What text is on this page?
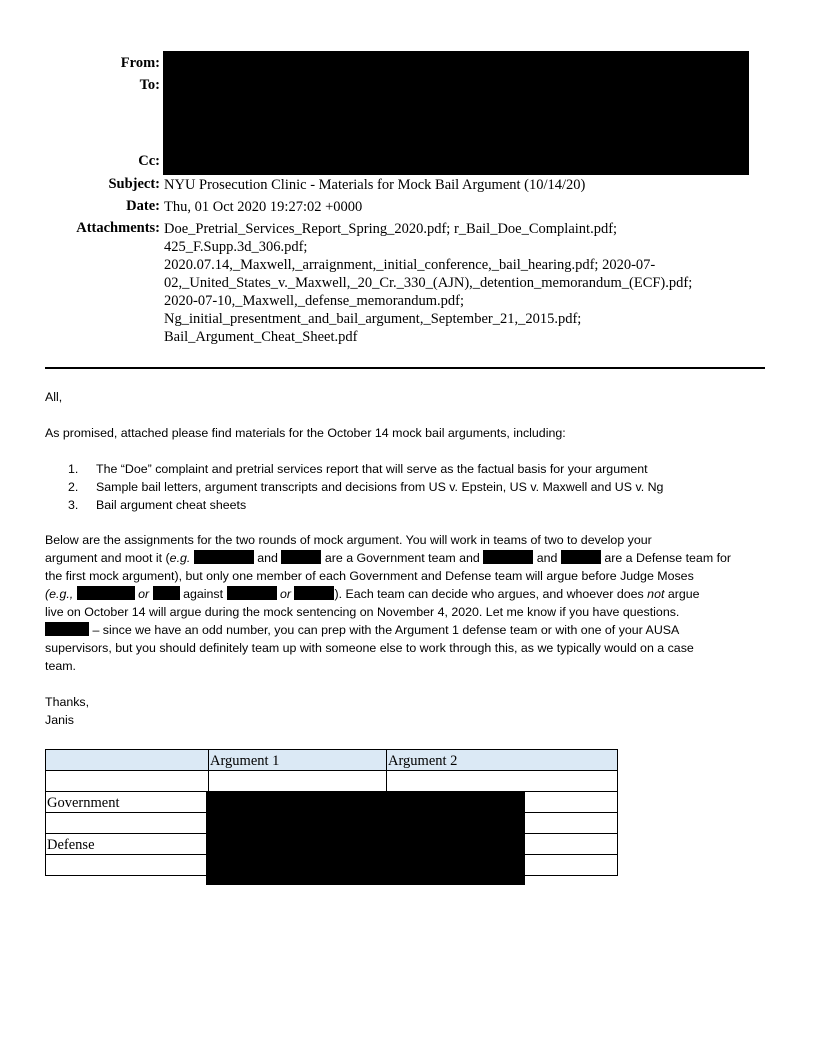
From:
To:
Cc:
Subject: NYU Prosecution Clinic - Materials for Mock Bail Argument (10/14/20)
Date: Thu, 01 Oct 2020 19:27:02 +0000
Attachments: Doe_Pretrial_Services_Report_Spring_2020.pdf; r_Bail_Doe_Complaint.pdf;
425_F.Supp.3d_306.pdf;
2020.07.14,_Maxwell,_arraignment,_initial_conference,_bail_hearing.pdf; 2020-07-
02,_United_States_v._Maxwell,_20_Cr._330_(AJN),_detention_memorandum_(ECF).pdf;
2020-07-10,_Maxwell,_defense_memorandum.pdf;
Ng_initial_presentment_and_bail_argument,_September_21,_2015.pdf;
Bail_Argument_Cheat_Sheet.pdf
All,
As promised, attached please find materials for the October 14 mock bail arguments, including:
1. The “Doe” complaint and pretrial services report that will serve as the factual basis for your argument
2. Sample bail letters, argument transcripts and decisions from US v. Epstein, US v. Maxwell and US v. Ng
3. Bail argument cheat sheets
Below are the assignments for the two rounds of mock argument. You will work in teams of two to develop your
argument and moot it (e.g.	and	are a Government team and	and	are a Defense team for
the first mock argument), but only one member of each Government and Defense team will argue before Judge Moses
(e.g.,	or	against	or	). Each team can decide who argues, and whoever does not argue
live on October 14 will argue during the mock sentencing on November 4, 2020. Let me know if you have questions.
– since we have an odd number, you can prep with the Argument 1 defense team or with one of your AUSA
supervisors, but you should definitely team up with someone else to work through this, as we typically would on a case
team.
Thanks,
Janis
	Argument 1	Argument 2

Government		

Defense		
